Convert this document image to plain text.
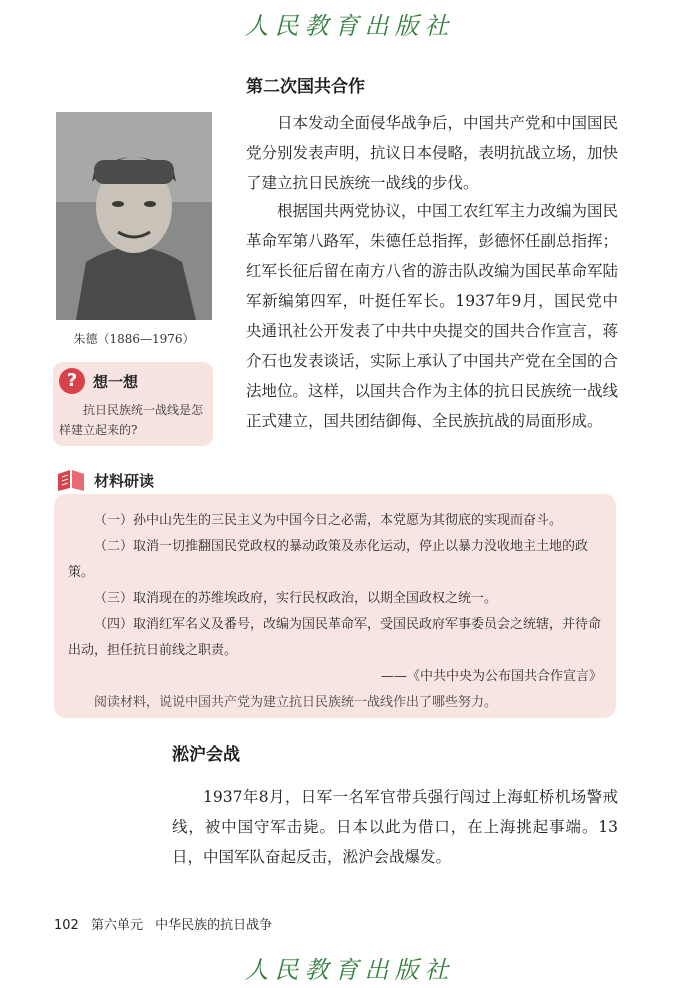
人民教育出版社
朱德（1886—1976）
?	想一想
抗日民族统一战线是怎样建立起来的?
第二次国共合作

日本发动全面侵华战争后，中国共产党和中国国民党分别发表声明，抗议日本侵略，表明抗战立场，加快了建立抗日民族统一战线的步伐。

根据国共两党协议，中国工农红军主力改编为国民革命军第八路军，朱德任总指挥，彭德怀任副总指挥；红军长征后留在南方八省的游击队改编为国民革命军陆军新编第四军，叶挺任军长。1937年9月，国民党中央通讯社公开发表了中共中央提交的国共合作宣言，蒋介石也发表谈话，实际上承认了中国共产党在全国的合法地位。这样，以国共合作为主体的抗日民族统一战线正式建立，国共团结御侮、全民族抗战的局面形成。

材料研读

（一）孙中山先生的三民主义为中国今日之必需，本党愿为其彻底的实现而奋斗。

（二）取消一切推翻国民党政权的暴动政策及赤化运动，停止以暴力没收地主土地的政策。

（三）取消现在的苏维埃政府，实行民权政治，以期全国政权之统一。

（四）取消红军名义及番号，改编为国民革命军，受国民政府军事委员会之统辖，并待命出动，担任抗日前线之职责。

——《中共中央为公布国共合作宣言》

阅读材料，说说中国共产党为建立抗日民族统一战线作出了哪些努力。

淞沪会战

1937年8月，日军一名军官带兵强行闯过上海虹桥机场警戒线，被中国守军击毙。日本以此为借口，在上海挑起事端。13日，中国军队奋起反击，淞沪会战爆发。

102 第六单元 中华民族的抗日战争
人民教育出版社
